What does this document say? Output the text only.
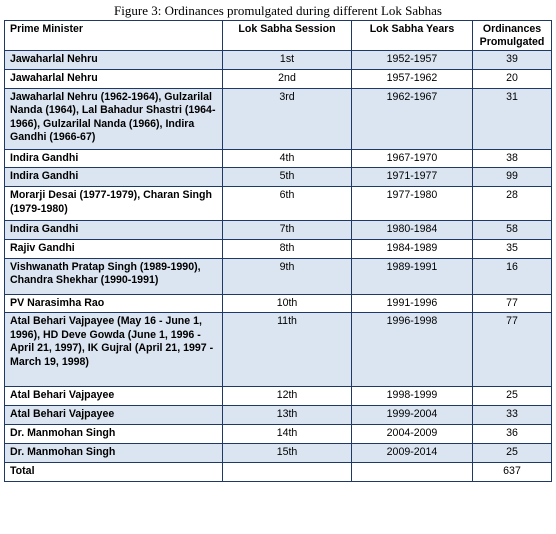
Figure 3: Ordinances promulgated during different Lok Sabhas
Prime Minister	Lok Sabha Session	Lok Sabha Years	Ordinances
Promulgated
Jawaharlal Nehru	1st	1952-1957	39
Jawaharlal Nehru	2nd	1957-1962	20
Jawaharlal Nehru (1962-1964), Gulzarilal Nanda (1964), Lal Bahadur Shastri (1964-1966), Gulzarilal Nanda (1966), Indira Gandhi (1966-67)	3rd	1962-1967	31
Indira Gandhi	4th	1967-1970	38
Indira Gandhi	5th	1971-1977	99
Morarji Desai (1977-1979), Charan Singh (1979-1980)	6th	1977-1980	28
Indira Gandhi	7th	1980-1984	58
Rajiv Gandhi	8th	1984-1989	35
Vishwanath Pratap Singh (1989-1990), Chandra Shekhar (1990-1991)	9th	1989-1991	16
PV Narasimha Rao	10th	1991-1996	77
Atal Behari Vajpayee (May 16 - June 1, 1996), HD Deve Gowda (June 1, 1996 - April 21, 1997), IK Gujral (April 21, 1997 - March 19, 1998)	11th	1996-1998	77
Atal Behari Vajpayee	12th	1998-1999	25
Atal Behari Vajpayee	13th	1999-2004	33
Dr. Manmohan Singh	14th	2004-2009	36
Dr. Manmohan Singh	15th	2009-2014	25
Total			637
